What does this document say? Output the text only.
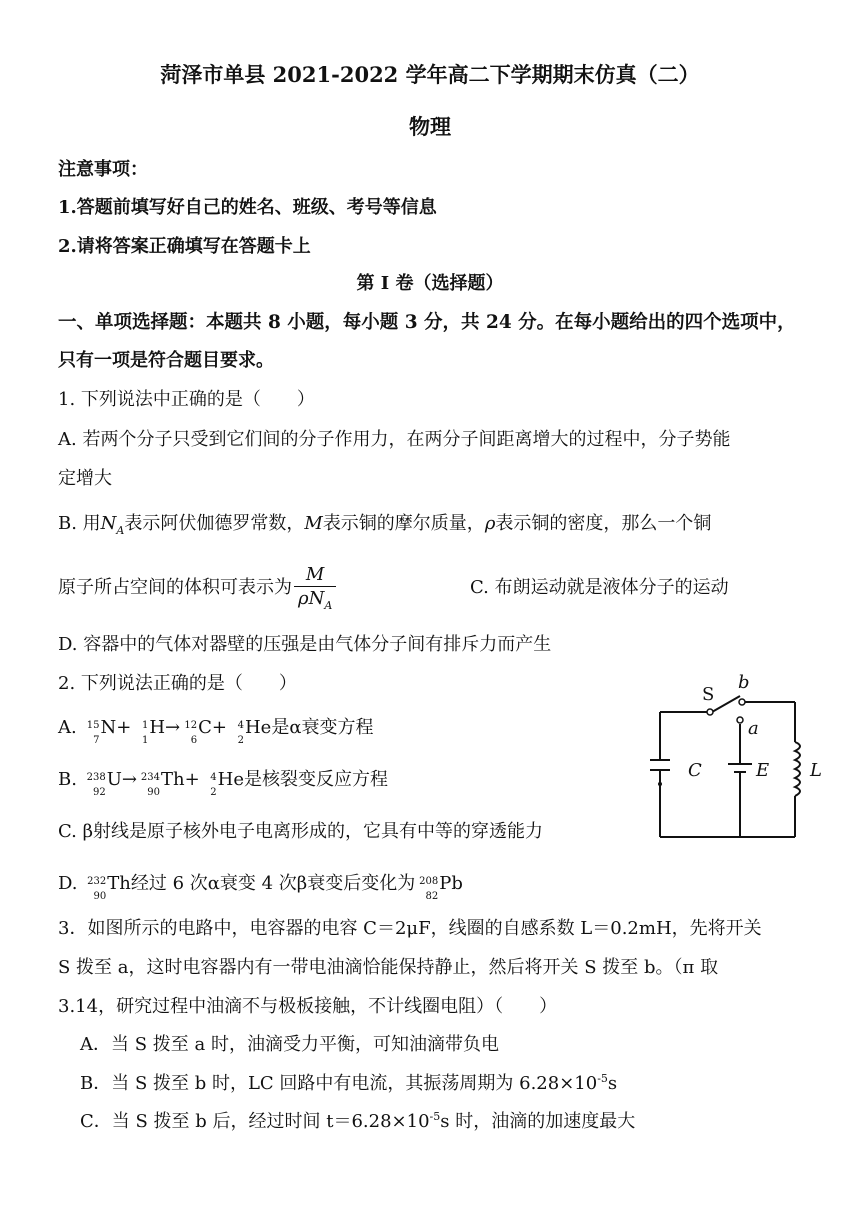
菏泽市单县 2021-2022 学年高二下学期期末仿真（二）
物理
注意事项：
1.答题前填写好自己的姓名、班级、考号等信息
2.请将答案正确填写在答题卡上
第 I 卷（选择题）
一、单项选择题：本题共 8 小题，每小题 3 分，共 24 分。在每小题给出的四个选项中，
只有一项是符合题目要求。
1. 下列说法中正确的是（　　）
A. 若两个分子只受到它们间的分子作用力，在两分子间距离增大的过程中，分子势能
定增大
B. 用$N_A$表示阿伏伽德罗常数，M表示铜的摩尔质量，ρ表示铜的密度，那么一个铜
原子所占空间的体积可表示为 $\frac{M}{\rho N_A}$	C. 布朗运动就是液体分子的运动
D. 容器中的气体对器壁的压强是由气体分子间有排斥力而产生
2. 下列说法正确的是（　　）
A. 15
7
N+ 1
1
H→ 12
6
C+ 4
2
He是α衰变方程
B. 238
92
U→ 234
90
Th+ 4
2
He是核裂变反应方程
C. β射线是原子核外电子电离形成的，它具有中等的穿透能力
D. 232
90
Th经过 6 次α衰变 4 次β衰变后变化为 208
82
Pb
S
b
a
C	E L
3．如图所示的电路中，电容器的电容 C＝2μF，线圈的自感系数 L＝0.2mH，先将开关
S 拨至 a，这时电容器内有一带电油滴恰能保持静止，然后将开关 S 拨至 b。（π 取
3.14，研究过程中油滴不与极板接触，不计线圈电阻）（　　）
A．当 S 拨至 a 时，油滴受力平衡，可知油滴带负电
B．当 S 拨至 b 时，LC 回路中有电流，其振荡周期为 $6.28\times 10^{-5}s$
C．当 S 拨至 b 后，经过时间 $t=6.28\times 10^{-5}s$ 时，油滴的加速度最大
